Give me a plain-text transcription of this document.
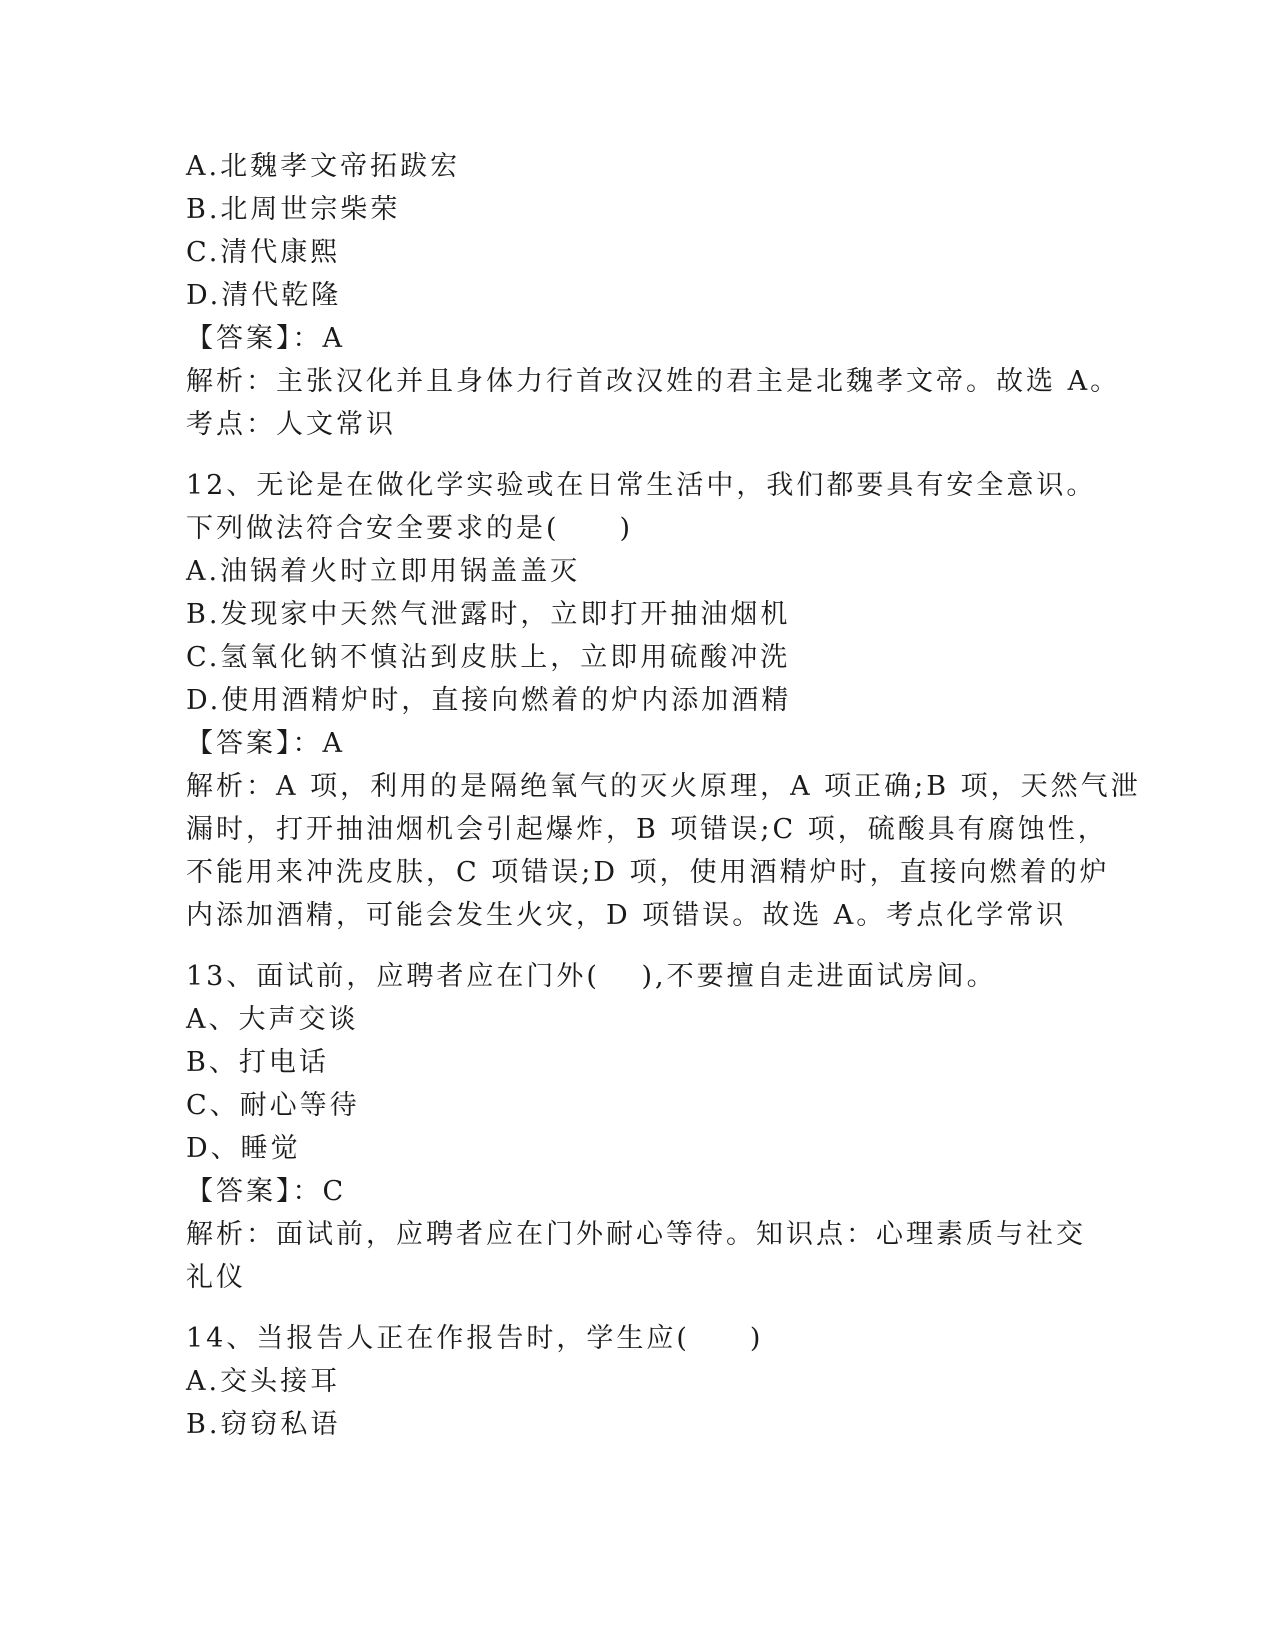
A.北魏孝文帝拓跋宏
B.北周世宗柴荣
C.清代康熙
D.清代乾隆
【答案】：A
解析：主张汉化并且身体力行首改汉姓的君主是北魏孝文帝。故选 A。
考点：人文常识
12、无论是在做化学实验或在日常生活中，我们都要具有安全意识。
下列做法符合安全要求的是(　　)
A.油锅着火时立即用锅盖盖灭
B.发现家中天然气泄露时，立即打开抽油烟机
C.氢氧化钠不慎沾到皮肤上，立即用硫酸冲洗
D.使用酒精炉时，直接向燃着的炉内添加酒精
【答案】：A
解析：A 项，利用的是隔绝氧气的灭火原理，A 项正确;B 项，天然气泄
漏时，打开抽油烟机会引起爆炸，B 项错误;C 项，硫酸具有腐蚀性，
不能用来冲洗皮肤，C 项错误;D 项，使用酒精炉时，直接向燃着的炉
内添加酒精，可能会发生火灾，D 项错误。故选 A。考点化学常识
13、面试前，应聘者应在门外(　 ),不要擅自走进面试房间。
A、大声交谈
B、打电话
C、耐心等待
D、睡觉
【答案】：C
解析：面试前，应聘者应在门外耐心等待。知识点：心理素质与社交
礼仪
14、当报告人正在作报告时，学生应(　　)
A.交头接耳
B.窃窃私语
